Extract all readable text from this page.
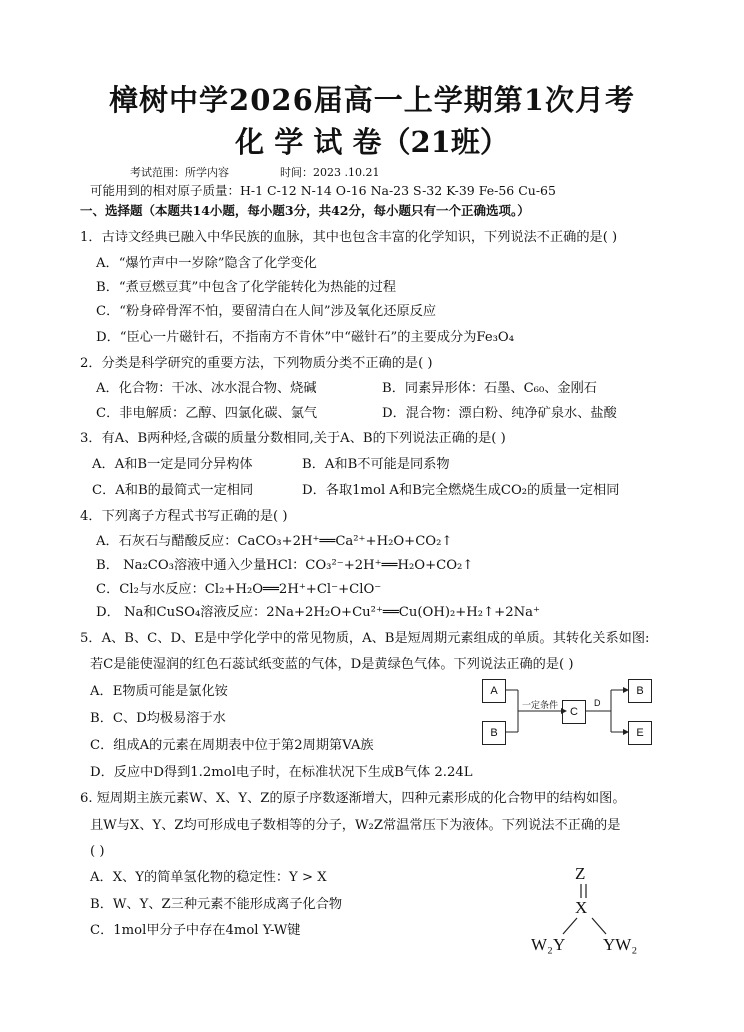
樟树中学2026届高一上学期第1次月考
化 学 试 卷（21班）
考试范围：所学内容	时间：2023 .10.21
可能用到的相对原子质量：H-1 C-12 N-14 O-16 Na-23 S-32 K-39 Fe-56 Cu-65
一、选择题（本题共14小题，每小题3分，共42分，每小题只有一个正确选项。）
1．古诗文经典已融入中华民族的血脉，其中也包含丰富的化学知识，下列说法不正确的是( )
A．“爆竹声中一岁除”隐含了化学变化
B．“煮豆燃豆萁”中包含了化学能转化为热能的过程
C．“粉身碎骨浑不怕，要留清白在人间”涉及氧化还原反应
D．“臣心一片磁针石，不指南方不肯休”中“磁针石”的主要成分为Fe₃O₄
2．分类是科学研究的重要方法，下列物质分类不正确的是( )
A．化合物：干冰、冰水混合物、烧碱	B．同素异形体：石墨、C₆₀、金刚石
C．非电解质：乙醇、四氯化碳、氯气	D．混合物：漂白粉、纯净矿泉水、盐酸
3．有A、B两种烃,含碳的质量分数相同,关于A、B的下列说法正确的是( )
A．A和B一定是同分异构体	B．A和B不可能是同系物
C．A和B的最简式一定相同	D．各取1mol A和B完全燃烧生成CO₂的质量一定相同
4．下列离子方程式书写正确的是( )
A．石灰石与醋酸反应：CaCO₃+2H⁺══Ca²⁺+H₂O+CO₂↑
B． Na₂CO₃溶液中通入少量HCl：CO₃²⁻+2H⁺══H₂O+CO₂↑
C．Cl₂与水反应：Cl₂+H₂O══2H⁺+Cl⁻+ClO⁻
D． Na和CuSO₄溶液反应：2Na+2H₂O+Cu²⁺══Cu(OH)₂+H₂↑+2Na⁺
5．A、B、C、D、E是中学化学中的常见物质，A、B是短周期元素组成的单质。其转化关系如图:
若C是能使湿润的红色石蕊试纸变蓝的气体，D是黄绿色气体。下列说法正确的是( )
A．E物质可能是氯化铵
B．C、D均极易溶于水
C．组成A的元素在周期表中位于第2周期第VA族
D．反应中D得到1.2mol电子时，在标准状况下生成B气体 2.24L
A
B
C
B
E
一定条件	D
6. 短周期主族元素W、X、Y、Z的原子序数逐渐增大，四种元素形成的化合物甲的结构如图。
且W与X、Y、Z均可形成电子数相等的分子，W₂Z常温常压下为液体。下列说法不正确的是
( )
A．X、Y的简单氢化物的稳定性：Y > X
B．W、Y、Z三种元素不能形成离子化合物
C．1mol甲分子中存在4mol Y-W键
Z
X
W₂Y YW₂
